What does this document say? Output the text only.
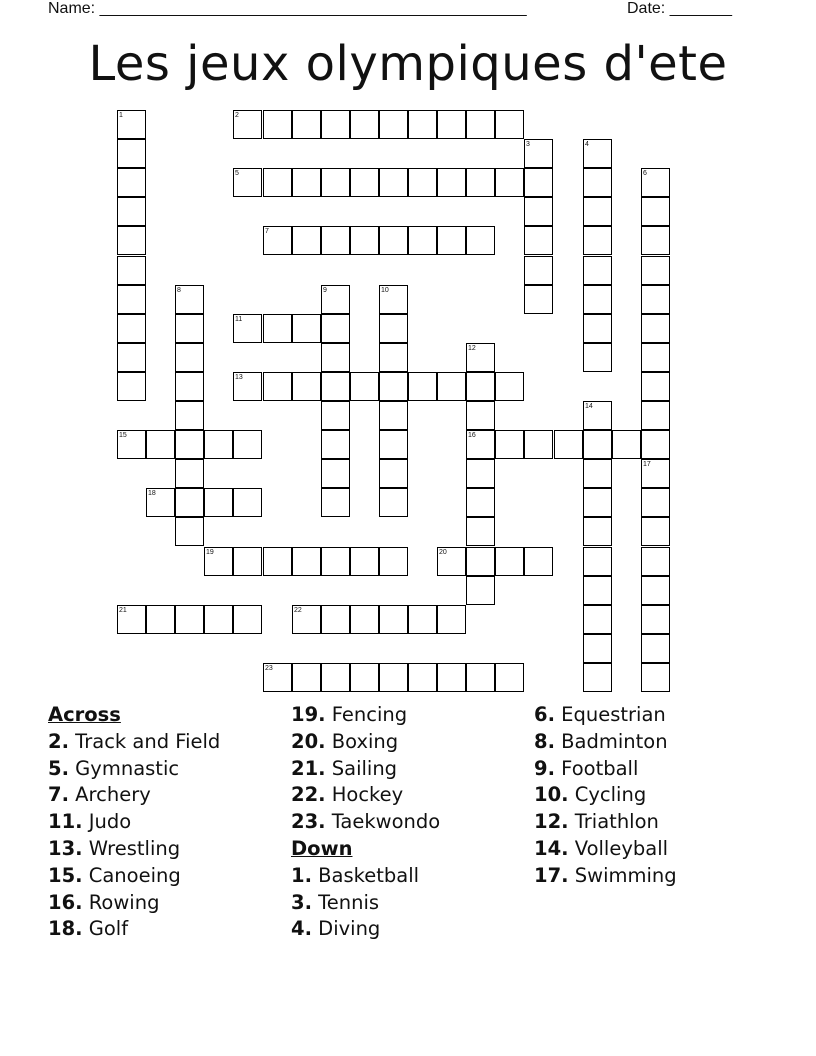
Name: ________________________________________________	Date: _______
Les jeux olympiques d'ete
1	2
3	4
5	6
7
8	9	10
11
12
16
13
14
15
17
18
19	20
21	22
23
Across
2. Track and Field
5. Gymnastic
7. Archery
11. Judo
13. Wrestling
15. Canoeing
16. Rowing
18. Golf
19. Fencing
20. Boxing
21. Sailing
22. Hockey
23. Taekwondo
Down
1. Basketball
3. Tennis
4. Diving
6. Equestrian
8. Badminton
9. Football
10. Cycling
12. Triathlon
14. Volleyball
17. Swimming
